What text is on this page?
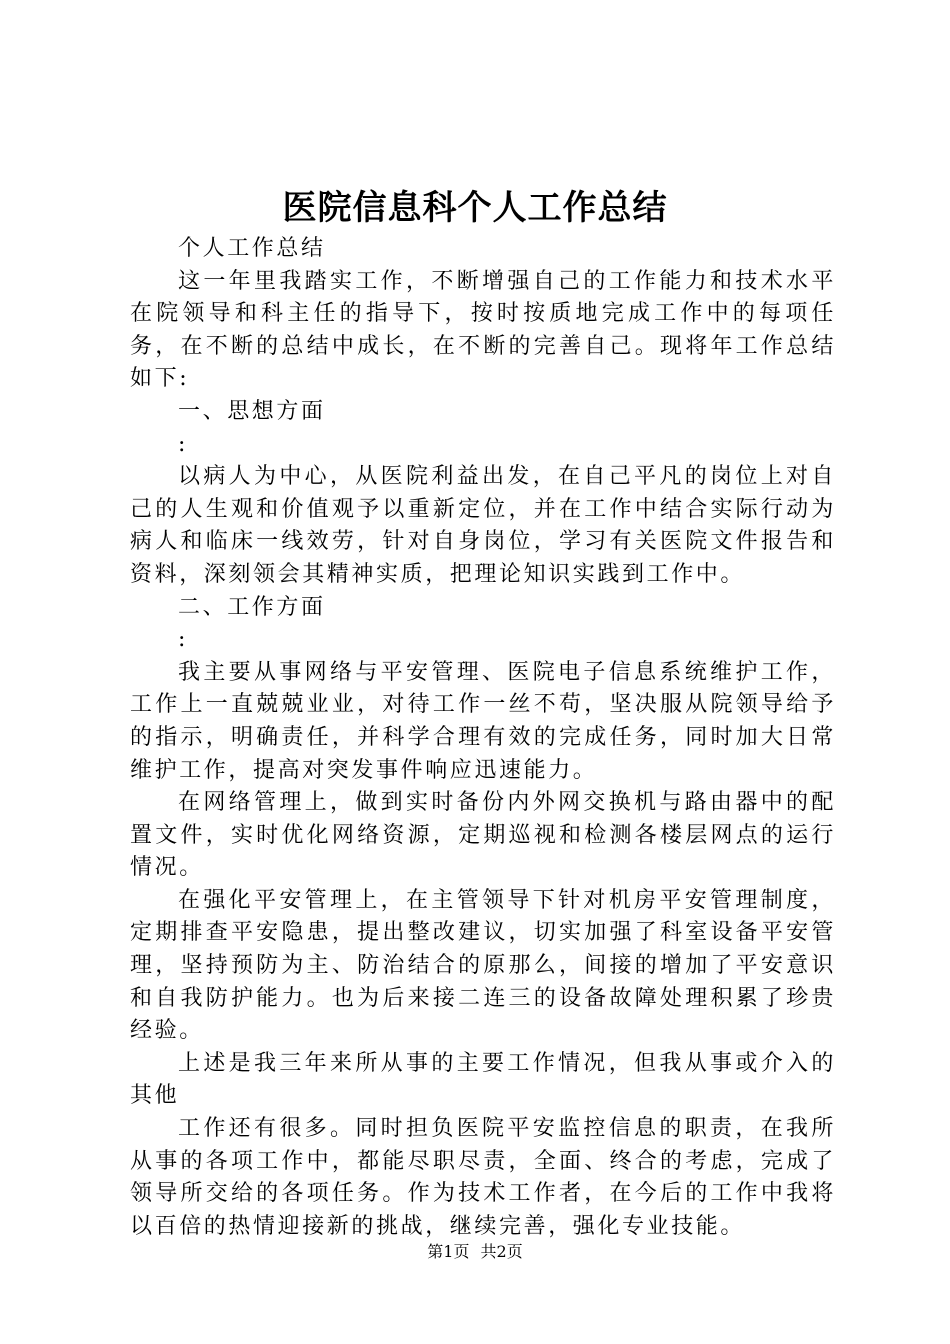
医院信息科个人工作总结

个人工作总结

这一年里我踏实工作，不断增强自己的工作能力和技术水平在院领导和科主任的指导下，按时按质地完成工作中的每项任务，在不断的总结中成长，在不断的完善自己。现将年工作总结如下:

一、思想方面

:

以病人为中心，从医院利益出发，在自己平凡的岗位上对自己的人生观和价值观予以重新定位，并在工作中结合实际行动为病人和临床一线效劳，针对自身岗位，学习有关医院文件报告和资料，深刻领会其精神实质，把理论知识实践到工作中。

二、工作方面

:

我主要从事网络与平安管理、医院电子信息系统维护工作，工作上一直兢兢业业，对待工作一丝不苟，坚决服从院领导给予的指示，明确责任，并科学合理有效的完成任务，同时加大日常维护工作，提高对突发事件响应迅速能力。

在网络管理上，做到实时备份内外网交换机与路由器中的配置文件，实时优化网络资源，定期巡视和检测各楼层网点的运行情况。

在强化平安管理上，在主管领导下针对机房平安管理制度，定期排查平安隐患，提出整改建议，切实加强了科室设备平安管理，坚持预防为主、防治结合的原那么，间接的增加了平安意识和自我防护能力。也为后来接二连三的设备故障处理积累了珍贵经验。

上述是我三年来所从事的主要工作情况，但我从事或介入的其他

工作还有很多。同时担负医院平安监控信息的职责，在我所从事的各项工作中，都能尽职尽责，全面、终合的考虑，完成了领导所交给的各项任务。作为技术工作者，在今后的工作中我将以百倍的热情迎接新的挑战，继续完善，强化专业技能。

第1页 共2页
